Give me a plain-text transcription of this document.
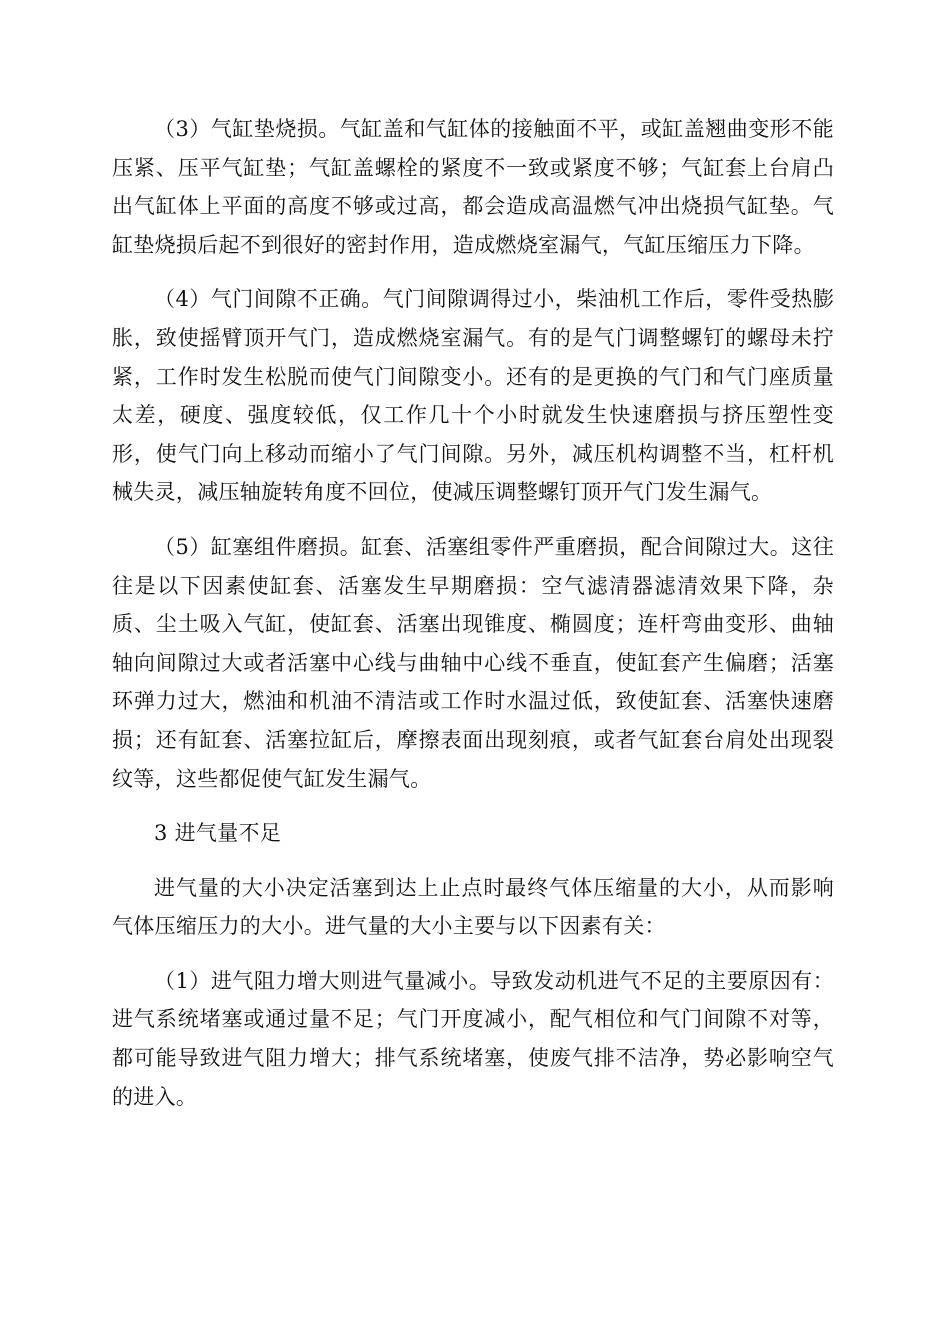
（3）气缸垫烧损。气缸盖和气缸体的接触面不平，或缸盖翘曲变形不能压紧、压平气缸垫；气缸盖螺栓的紧度不一致或紧度不够；气缸套上台肩凸出气缸体上平面的高度不够或过高，都会造成高温燃气冲出烧损气缸垫。气缸垫烧损后起不到很好的密封作用，造成燃烧室漏气，气缸压缩压力下降。

（4）气门间隙不正确。气门间隙调得过小，柴油机工作后，零件受热膨胀，致使摇臂顶开气门，造成燃烧室漏气。有的是气门调整螺钉的螺母未拧紧，工作时发生松脱而使气门间隙变小。还有的是更换的气门和气门座质量太差，硬度、强度较低，仅工作几十个小时就发生快速磨损与挤压塑性变形，使气门向上移动而缩小了气门间隙。另外，减压机构调整不当，杠杆机械失灵，减压轴旋转角度不回位，使减压调整螺钉顶开气门发生漏气。

（5）缸塞组件磨损。缸套、活塞组零件严重磨损，配合间隙过大。这往往是以下因素使缸套、活塞发生早期磨损：空气滤清器滤清效果下降，杂质、尘土吸入气缸，使缸套、活塞出现锥度、椭圆度；连杆弯曲变形、曲轴轴向间隙过大或者活塞中心线与曲轴中心线不垂直，使缸套产生偏磨；活塞环弹力过大，燃油和机油不清洁或工作时水温过低，致使缸套、活塞快速磨损；还有缸套、活塞拉缸后，摩擦表面出现刻痕，或者气缸套台肩处出现裂纹等，这些都促使气缸发生漏气。

3 进气量不足

进气量的大小决定活塞到达上止点时最终气体压缩量的大小，从而影响气体压缩压力的大小。进气量的大小主要与以下因素有关：

（1）进气阻力增大则进气量减小。导致发动机进气不足的主要原因有：进气系统堵塞或通过量不足；气门开度减小，配气相位和气门间隙不对等，都可能导致进气阻力增大；排气系统堵塞，使废气排不洁净，势必影响空气的进入。
